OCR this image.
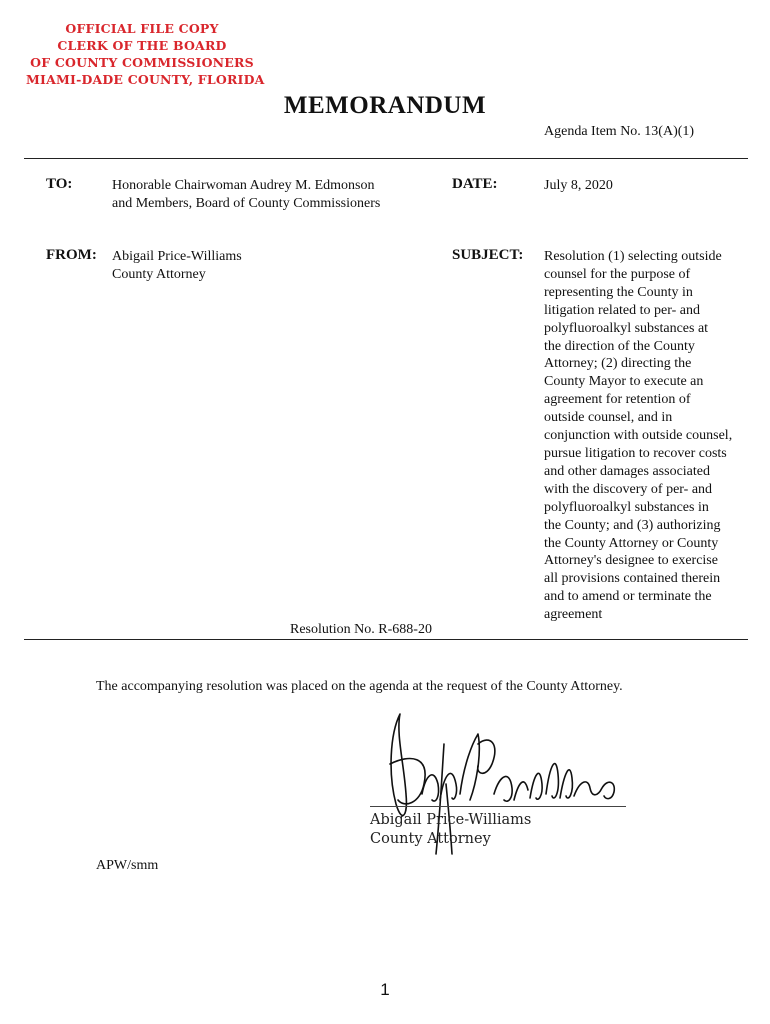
OFFICIAL FILE COPY
CLERK OF THE BOARD
OF COUNTY COMMISSIONERS
MIAMI-DADE COUNTY, FLORIDA
MEMORANDUM
Agenda Item No. 13(A)(1)
TO:	Honorable Chairwoman Audrey M. Edmonson
and Members, Board of County Commissioners
DATE:	July 8, 2020
FROM: Abigail Price-Williams
County Attorney
SUBJECT: Resolution (1) selecting outside
counsel for the purpose of
representing the County in
litigation related to per- and
polyfluoroalkyl substances at
the direction of the County
Attorney; (2) directing the
County Mayor to execute an
agreement for retention of
outside counsel, and in
conjunction with outside counsel,
pursue litigation to recover costs
and other damages associated
with the discovery of per- and
polyfluoroalkyl substances in
the County; and (3) authorizing
the County Attorney or County
Attorney's designee to exercise
all provisions contained therein
and to amend or terminate the
agreement
Resolution No. R-688-20
The accompanying resolution was placed on the agenda at the request of the County Attorney.
Abigail Price-Williams
County Attorney
APW/smm
1
